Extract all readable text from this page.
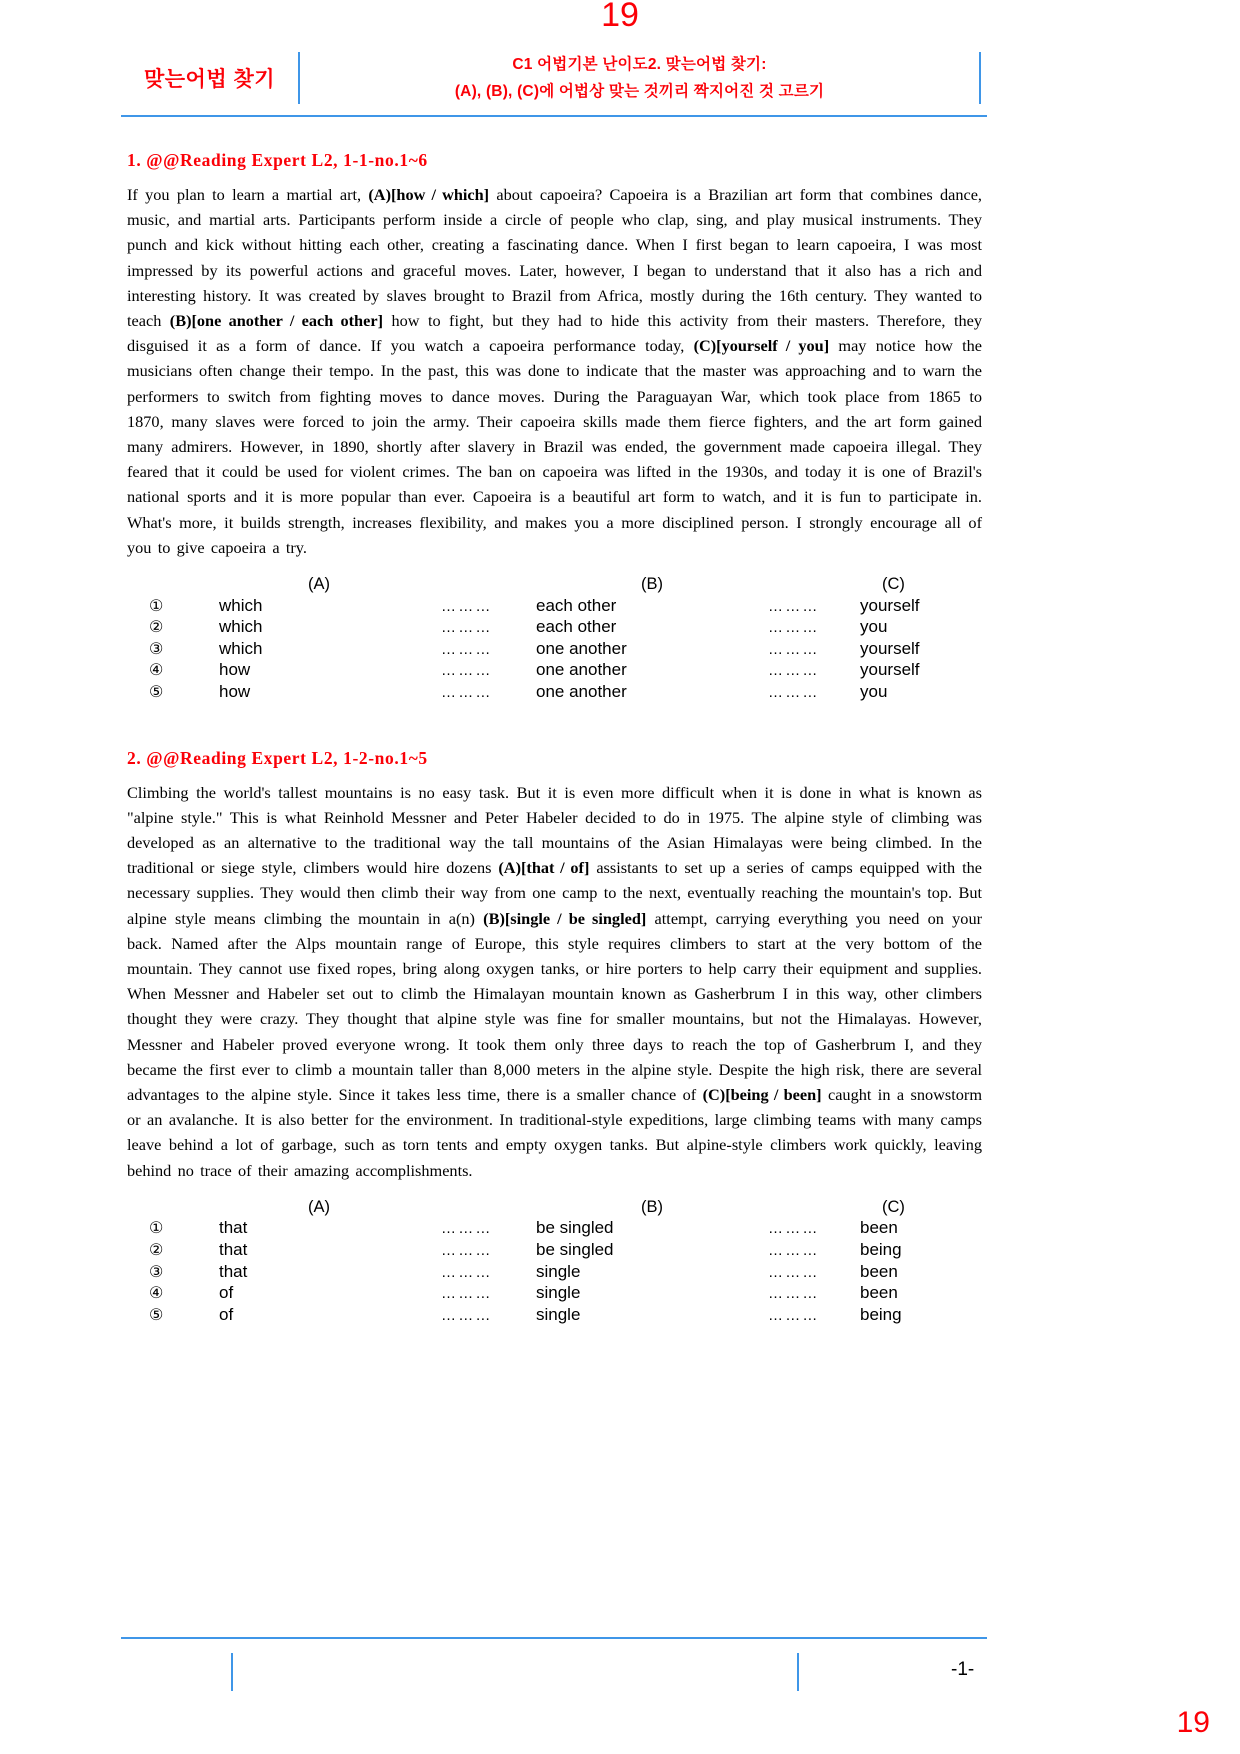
19
맞는어법 찾기
C1 어법기본 난이도2. 맞는어법 찾기:
(A), (B), (C)에 어법상 맞는 것끼리 짝지어진 것 고르기
1. @@Reading Expert L2, 1-1-no.1~6

If you plan to learn a martial art, (A)[how / which] about capoeira? Capoeira is a Brazilian art form that combines dance, music, and martial arts. Participants perform inside a circle of people who clap, sing, and play musical instruments. They punch and kick without hitting each other, creating a fascinating dance. When I first began to learn capoeira, I was most impressed by its powerful actions and graceful moves. Later, however, I began to understand that it also has a rich and interesting history. It was created by slaves brought to Brazil from Africa, mostly during the 16th century. They wanted to teach (B)[one another / each other] how to fight, but they had to hide this activity from their masters. Therefore, they disguised it as a form of dance. If you watch a capoeira performance today, (C)[yourself / you] may notice how the musicians often change their tempo. In the past, this was done to indicate that the master was approaching and to warn the performers to switch from fighting moves to dance moves. During the Paraguayan War, which took place from 1865 to 1870, many slaves were forced to join the army. Their capoeira skills made them fierce fighters, and the art form gained many admirers. However, in 1890, shortly after slavery in Brazil was ended, the government made capoeira illegal. They feared that it could be used for violent crimes. The ban on capoeira was lifted in the 1930s, and today it is one of Brazil's national sports and it is more popular than ever. Capoeira is a beautiful art form to watch, and it is fun to participate in. What's more, it builds strength, increases flexibility, and makes you a more disciplined person. I strongly encourage all of you to give capoeira a try.

	(A)		(B)		(C)
①	which	………	each other	………	yourself
②	which	………	each other	………	you
③	which	………	one another	………	yourself
④	how	………	one another	………	yourself
⑤	how	………	one another	………	you
2. @@Reading Expert L2, 1-2-no.1~5

Climbing the world's tallest mountains is no easy task. But it is even more difficult when it is done in what is known as "alpine style." This is what Reinhold Messner and Peter Habeler decided to do in 1975. The alpine style of climbing was developed as an alternative to the traditional way the tall mountains of the Asian Himalayas were being climbed. In the traditional or siege style, climbers would hire dozens (A)[that / of] assistants to set up a series of camps equipped with the necessary supplies. They would then climb their way from one camp to the next, eventually reaching the mountain's top. But alpine style means climbing the mountain in a(n) (B)[single / be singled] attempt, carrying everything you need on your back. Named after the Alps mountain range of Europe, this style requires climbers to start at the very bottom of the mountain. They cannot use fixed ropes, bring along oxygen tanks, or hire porters to help carry their equipment and supplies. When Messner and Habeler set out to climb the Himalayan mountain known as Gasherbrum I in this way, other climbers thought they were crazy. They thought that alpine style was fine for smaller mountains, but not the Himalayas. However, Messner and Habeler proved everyone wrong. It took them only three days to reach the top of Gasherbrum I, and they became the first ever to climb a mountain taller than 8,000 meters in the alpine style. Despite the high risk, there are several advantages to the alpine style. Since it takes less time, there is a smaller chance of (C)[being / been] caught in a snowstorm or an avalanche. It is also better for the environment. In traditional-style expeditions, large climbing teams with many camps leave behind a lot of garbage, such as torn tents and empty oxygen tanks. But alpine-style climbers work quickly, leaving behind no trace of their amazing accomplishments.

	(A)		(B)		(C)
①	that	………	be singled	………	been
②	that	………	be singled	………	being
③	that	………	single	………	been
④	of	………	single	………	been
⑤	of	………	single	………	being
-1-
19
